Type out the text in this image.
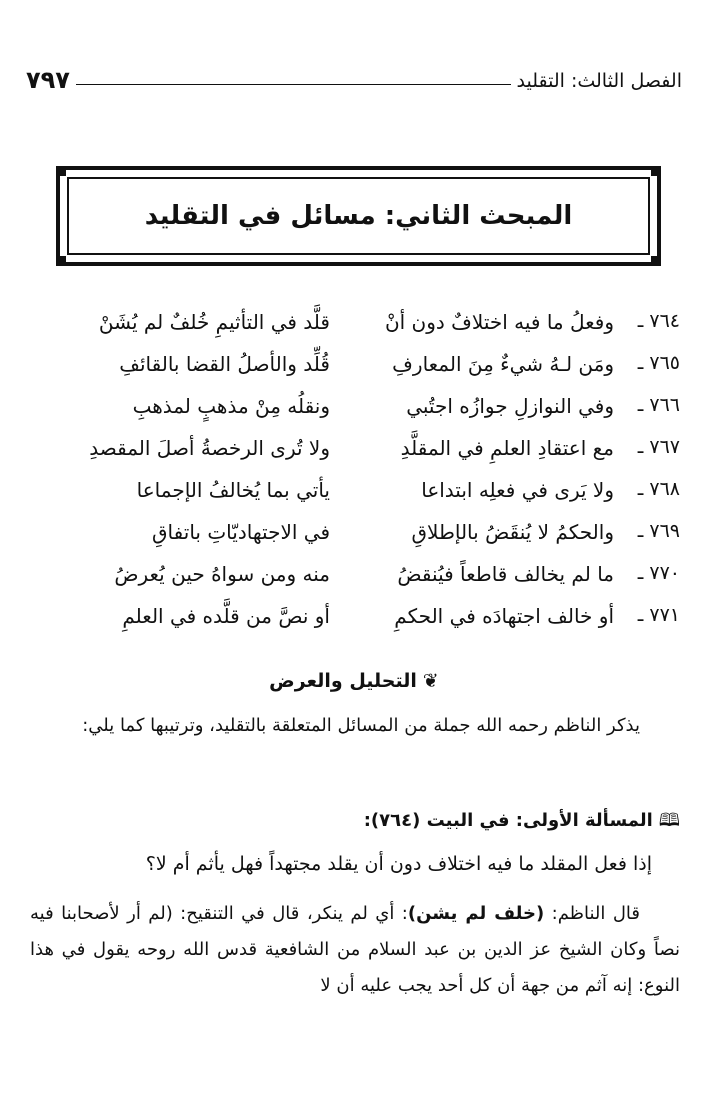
الفصل الثالث: التقليد
٧٩٧
المبحث الثاني: مسائل في التقليد
٧٦٤ ـ
وفعلُ ما فيه اختلافٌ دون أنْ
قلَّد في التأثيمِ خُلفٌ لم يُشَنْ
٧٦٥ ـ
ومَن لـهُ شيءٌ مِنَ المعارفِ
قُلِّد والأصلُ القضا بالقائفِ
٧٦٦ ـ
وفي النوازلِ جوازُه اجتُبي
ونقلُه مِنْ مذهبٍ لمذهبِ
٧٦٧ ـ
مع اعتقادِ العلمِ في المقلَّدِ
ولا تُرى الرخصةُ أصلَ المقصدِ
٧٦٨ ـ
ولا يَرى في فعلِه ابتداعا
يأتي بما يُخالفُ الإجماعا
٧٦٩ ـ
والحكمُ لا يُنقَضُ بالإطلاقِ
في الاجتهاديّاتِ باتفاقِ
٧٧٠ ـ
ما لم يخالف قاطعاً فيُنقضُ
منه ومن سواهُ حين يُعرضُ
٧٧١ ـ
أو خالف اجتهادَه في الحكمِ
أو نصَّ من قلَّده في العلمِ
❦التحليل والعرض

يذكر الناظم رحمه الله جملة من المسائل المتعلقة بالتقليد، وترتيبها كما يلي:

🕮المسألة الأولى: في البيت (٧٦٤):
إذا فعل المقلد ما فيه اختلاف دون أن يقلد مجتهداً فهل يأثم أم لا؟

قال الناظم: (خلف لم يشن): أي لم ينكر، قال في التنقيح: (لم أر لأصحابنا فيه نصاً وكان الشيخ عز الدين بن عبد السلام من الشافعية قدس الله روحه يقول في هذا النوع: إنه آثم من جهة أن كل أحد يجب عليه أن لا
